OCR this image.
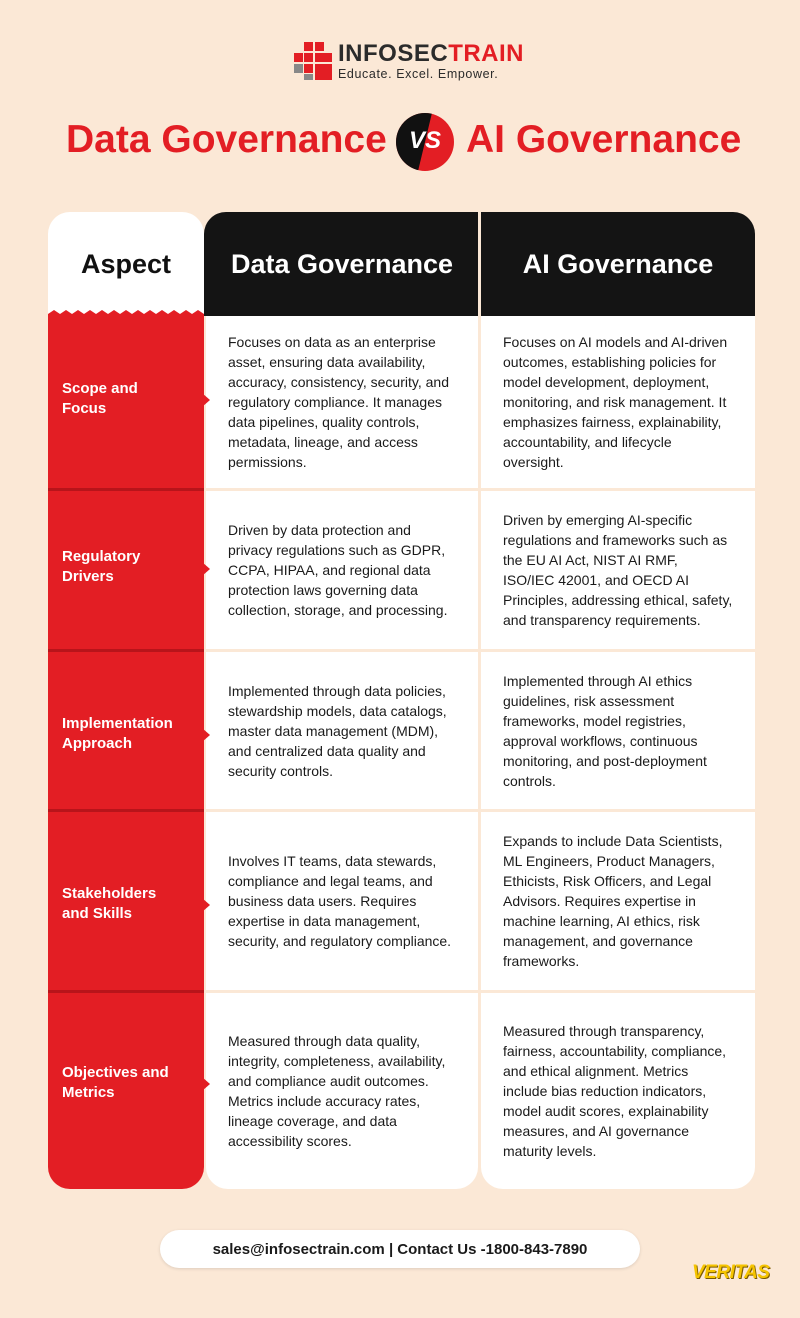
INFOSECTRAIN
Educate. Excel. Empower.
Data Governance VS AI Governance
Aspect	Data Governance	AI Governance
Focuses on data as an enterprise asset, ensuring data availability, accuracy, consistency, security, and regulatory compliance. It manages data pipelines, quality controls, metadata, lineage, and access permissions.
Focuses on AI models and AI-driven outcomes, establishing policies for model development, deployment, monitoring, and risk management. It emphasizes fairness, explainability, accountability, and lifecycle oversight.
Scope and Focus
Driven by data protection and privacy regulations such as GDPR, CCPA, HIPAA, and regional data protection laws governing data collection, storage, and processing.
Driven by emerging AI-specific regulations and frameworks such as the EU AI Act, NIST AI RMF, ISO/IEC 42001, and OECD AI Principles, addressing ethical, safety, and transparency requirements.
Regulatory Drivers
Implemented through data policies, stewardship models, data catalogs, master data management (MDM), and centralized data quality and security controls.
Implemented through AI ethics guidelines, risk assessment frameworks, model registries, approval workflows, continuous monitoring, and post-deployment controls.
Implementation Approach
Involves IT teams, data stewards, compliance and legal teams, and business data users. Requires expertise in data management, security, and regulatory compliance.
Expands to include Data Scientists, ML Engineers, Product Managers, Ethicists, Risk Officers, and Legal Advisors. Requires expertise in machine learning, AI ethics, risk management, and governance frameworks.
Stakeholders and Skills
Measured through data quality, integrity, completeness, availability, and compliance audit outcomes. Metrics include accuracy rates, lineage coverage, and data accessibility scores.
Measured through transparency, fairness, accountability, compliance, and ethical alignment. Metrics include bias reduction indicators, model audit scores, explainability measures, and AI governance maturity levels.
Objectives and Metrics
sales@infosectrain.com | Contact Us -1800-843-7890
VERITAS
